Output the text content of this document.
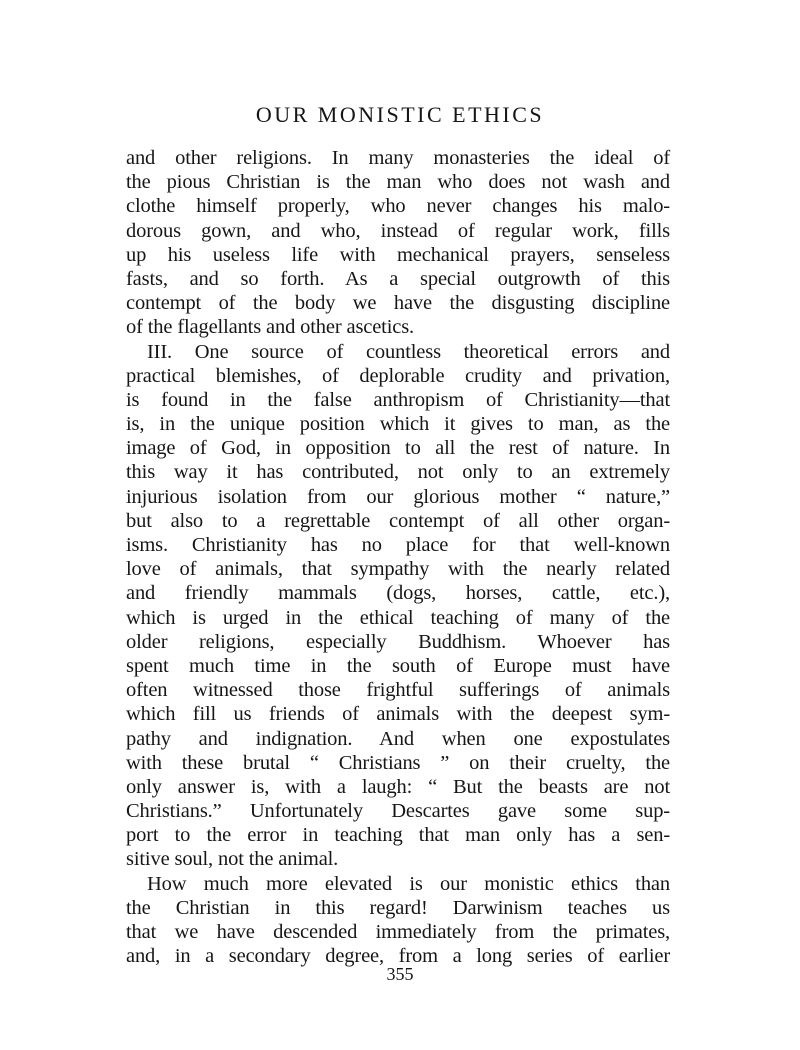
OUR MONISTIC ETHICS
and other religions. In many monasteries the ideal of
the pious Christian is the man who does not wash and
clothe himself properly, who never changes his malo-
dorous gown, and who, instead of regular work, fills
up his useless life with mechanical prayers, senseless
fasts, and so forth. As a special outgrowth of this
contempt of the body we have the disgusting discipline
of the flagellants and other ascetics.
III. One source of countless theoretical errors and
practical blemishes, of deplorable crudity and privation,
is found in the false anthropism of Christianity—that
is, in the unique position which it gives to man, as the
image of God, in opposition to all the rest of nature. In
this way it has contributed, not only to an extremely
injurious isolation from our glorious mother “ nature,”
but also to a regrettable contempt of all other organ-
isms. Christianity has no place for that well-known
love of animals, that sympathy with the nearly related
and friendly mammals (dogs, horses, cattle, etc.),
which is urged in the ethical teaching of many of the
older religions, especially Buddhism. Whoever has
spent much time in the south of Europe must have
often witnessed those frightful sufferings of animals
which fill us friends of animals with the deepest sym-
pathy and indignation. And when one expostulates
with these brutal “ Christians ” on their cruelty, the
only answer is, with a laugh: “ But the beasts are not
Christians.” Unfortunately Descartes gave some sup-
port to the error in teaching that man only has a sen-
sitive soul, not the animal.
How much more elevated is our monistic ethics than
the Christian in this regard! Darwinism teaches us
that we have descended immediately from the primates,
and, in a secondary degree, from a long series of earlier
355
